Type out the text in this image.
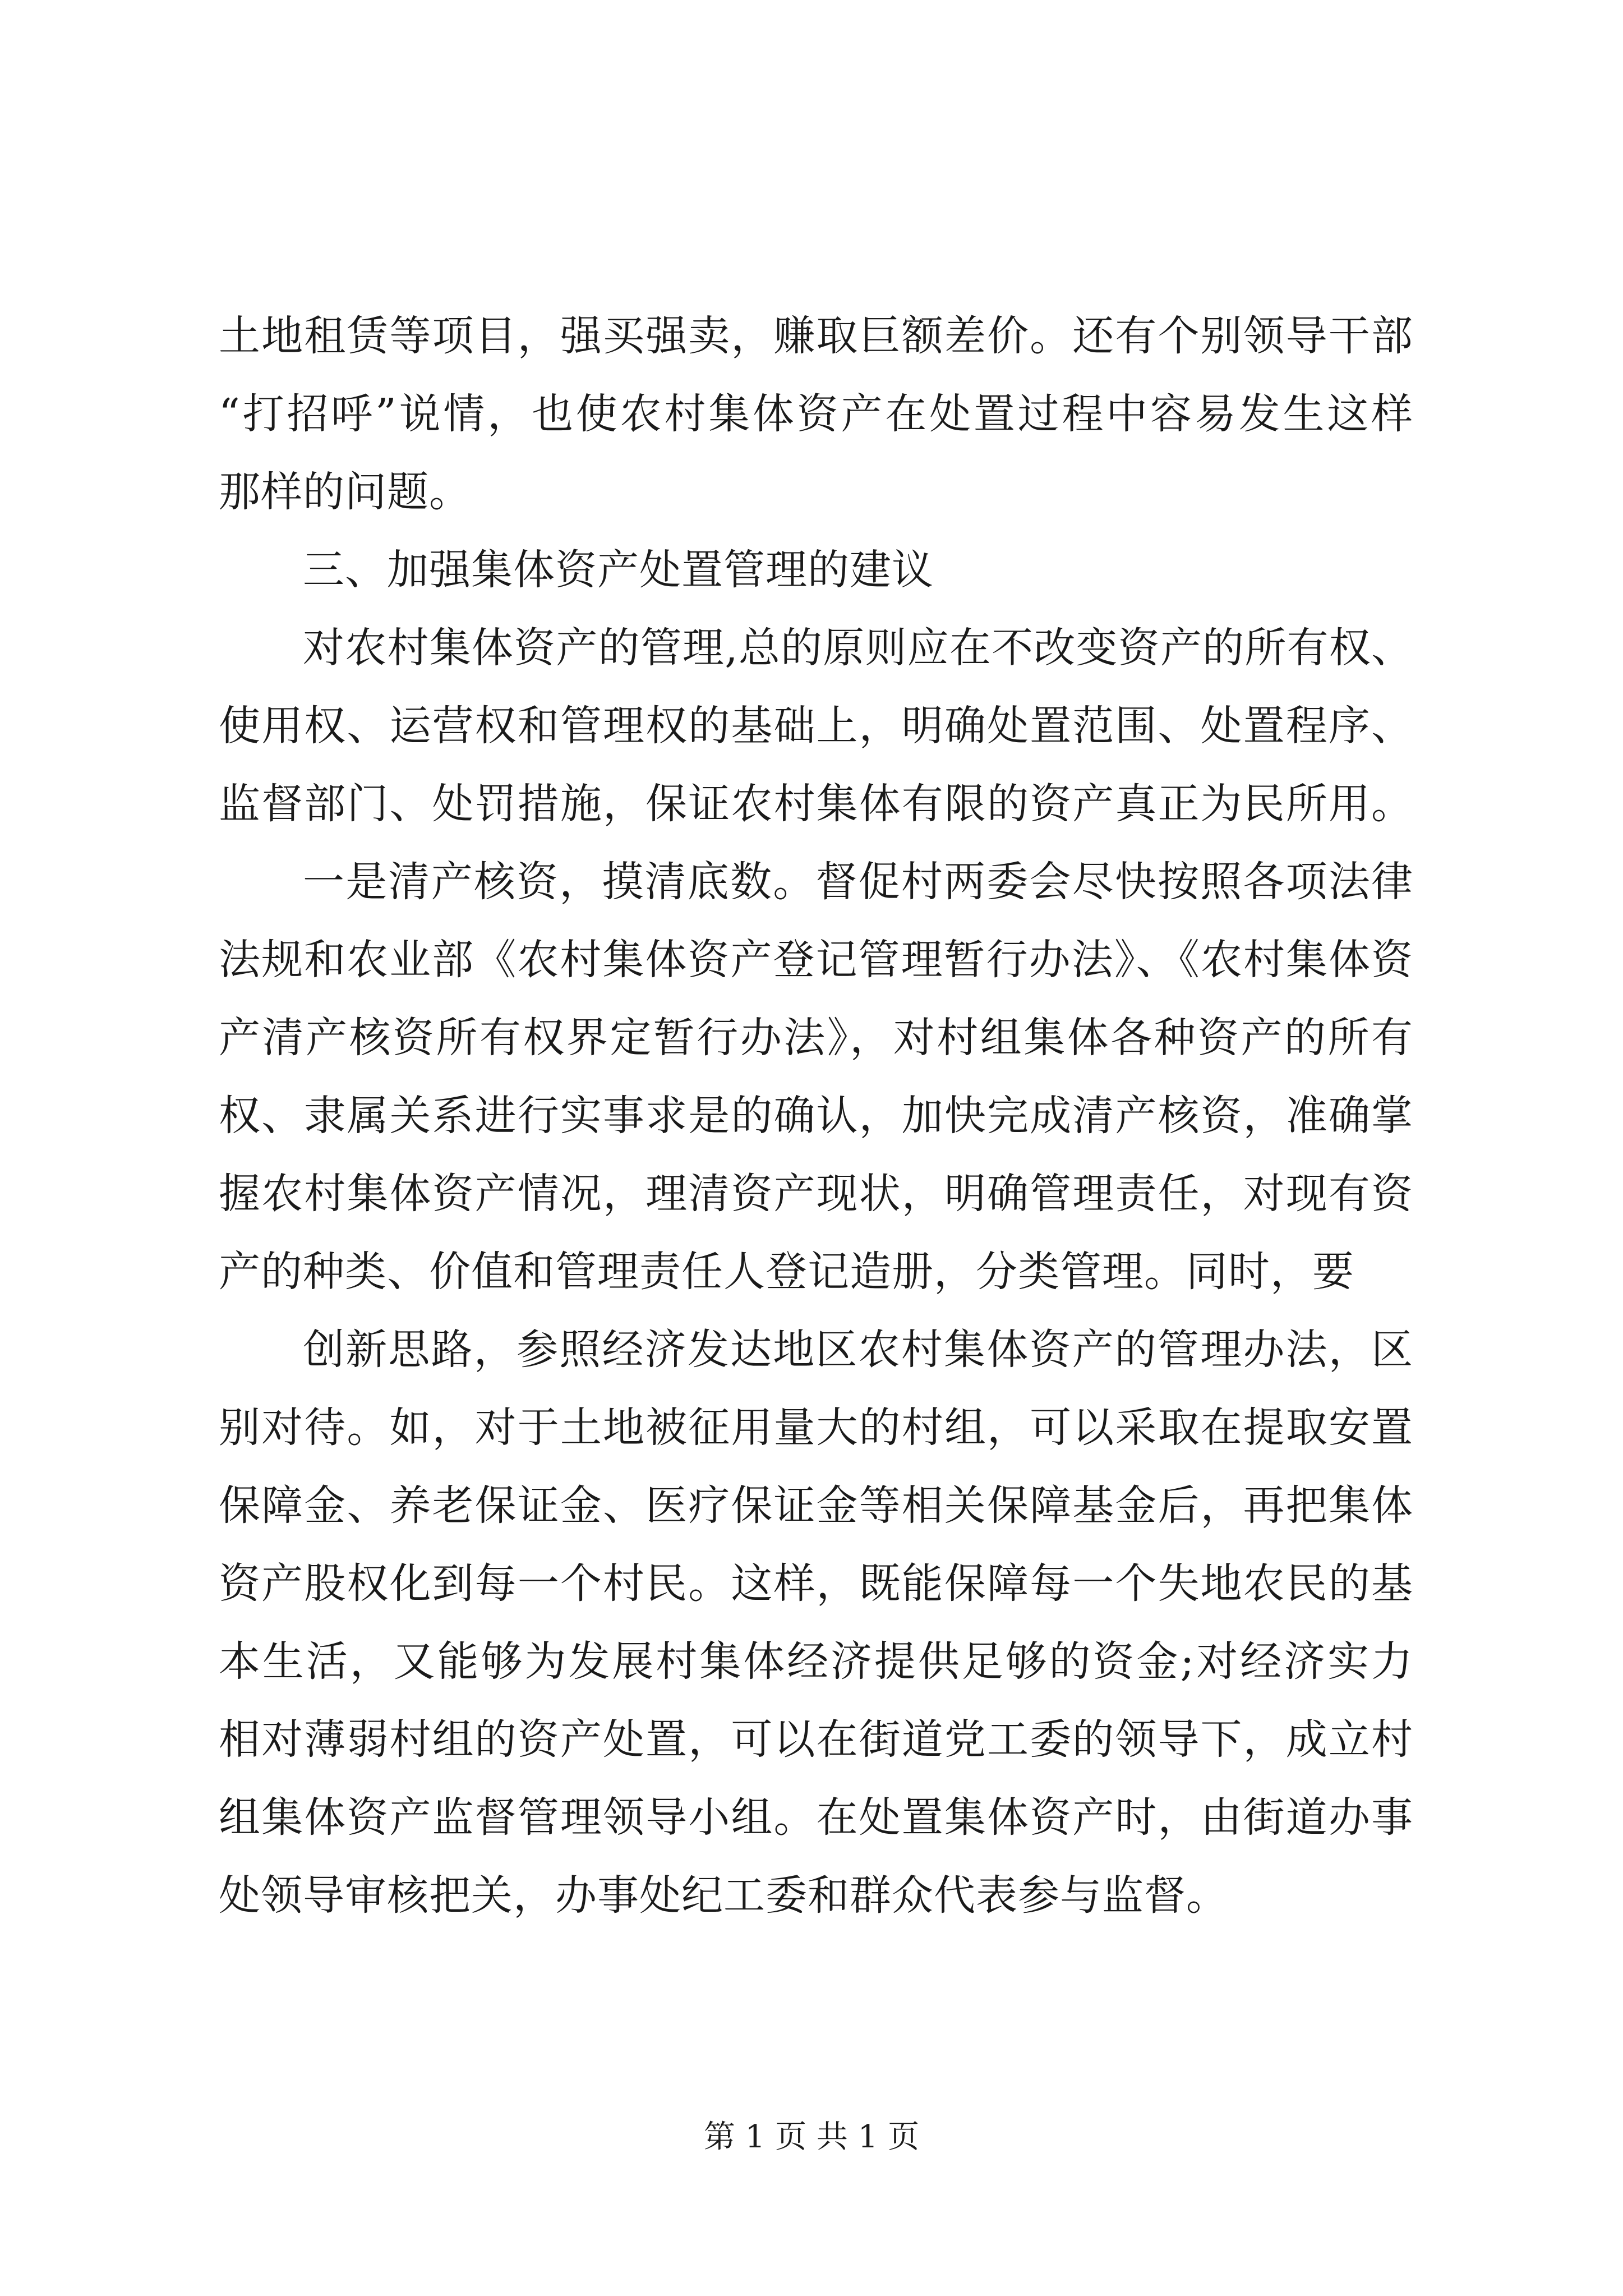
土地租赁等项目，强买强卖，赚取巨额差价。还有个别领导干部
“打招呼”说情，也使农村集体资产在处置过程中容易发生这样
那样的问题。
三、加强集体资产处置管理的建议
对农村集体资产的管理,总的原则应在不改变资产的所有权、
使用权、运营权和管理权的基础上，明确处置范围、处置程序、
监督部门、处罚措施，保证农村集体有限的资产真正为民所用。
一是清产核资，摸清底数。督促村两委会尽快按照各项法律
法规和农业部《农村集体资产登记管理暂行办法》、《农村集体资
产清产核资所有权界定暂行办法》，对村组集体各种资产的所有
权、隶属关系进行实事求是的确认，加快完成清产核资，准确掌
握农村集体资产情况，理清资产现状，明确管理责任，对现有资
产的种类、价值和管理责任人登记造册，分类管理。同时，要
创新思路，参照经济发达地区农村集体资产的管理办法，区
别对待。如，对于土地被征用量大的村组，可以采取在提取安置
保障金、养老保证金、医疗保证金等相关保障基金后，再把集体
资产股权化到每一个村民。这样，既能保障每一个失地农民的基
本生活，又能够为发展村集体经济提供足够的资金;对经济实力
相对薄弱村组的资产处置，可以在街道党工委的领导下，成立村
组集体资产监督管理领导小组。在处置集体资产时，由街道办事
处领导审核把关，办事处纪工委和群众代表参与监督。
第 1 页 共 1 页
